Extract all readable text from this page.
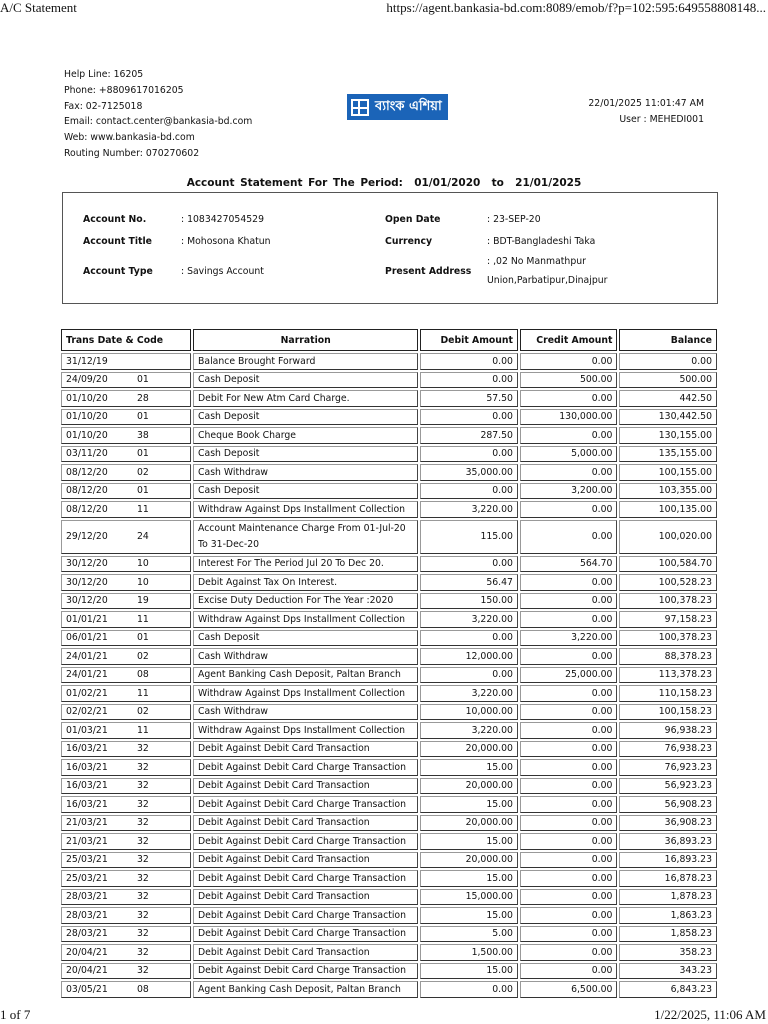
A/C Statement	https://agent.bankasia-bd.com:8089/emob/f?p=102:595:649558808148...
Help Line: 16205
Phone: +8809617016205
Fax: 02-7125018
Email: contact.center@bankasia-bd.com
Web: www.bankasia-bd.com
Routing Number: 070270602
ব্যাংক এশিয়া	22/01/2025 11:01:47 AM
User : MEHEDI001
Account Statement For The Period: 01/01/2020 to 21/01/2025
Account No.	: 1083427054529
Account Title	: Mohosona Khatun
Account Type	: Savings Account
Open Date	: 23-SEP-20
Currency	: BDT-Bangladeshi Taka
Present Address
: ,02 No Manmathpur
Union,Parbatipur,Dinajpur
Trans Date & Code	Narration	Debit Amount	Credit Amount	Balance
31/12/19	Balance Brought Forward	0.00	0.00	0.00
24/09/20 01	Cash Deposit	0.00	500.00	500.00
01/10/20 28	Debit For New Atm Card Charge.	57.50	0.00	442.50
01/10/20 01	Cash Deposit	0.00	130,000.00	130,442.50
01/10/20 38	Cheque Book Charge	287.50	0.00	130,155.00
03/11/20 01	Cash Deposit	0.00	5,000.00	135,155.00
08/12/20 02	Cash Withdraw	35,000.00	0.00	100,155.00
08/12/20 01	Cash Deposit	0.00	3,200.00	103,355.00
08/12/20 11	Withdraw Against Dps Installment Collection	3,220.00	0.00	100,135.00
29/12/20 24	Account Maintenance Charge From 01-Jul-20 To 31-Dec-20	115.00	0.00	100,020.00
30/12/20 10	Interest For The Period Jul 20 To Dec 20.	0.00	564.70	100,584.70
30/12/20 10	Debit Against Tax On Interest.	56.47	0.00	100,528.23
30/12/20 19	Excise Duty Deduction For The Year :2020	150.00	0.00	100,378.23
01/01/21 11	Withdraw Against Dps Installment Collection	3,220.00	0.00	97,158.23
06/01/21 01	Cash Deposit	0.00	3,220.00	100,378.23
24/01/21 02	Cash Withdraw	12,000.00	0.00	88,378.23
24/01/21 08	Agent Banking Cash Deposit, Paltan Branch	0.00	25,000.00	113,378.23
01/02/21 11	Withdraw Against Dps Installment Collection	3,220.00	0.00	110,158.23
02/02/21 02	Cash Withdraw	10,000.00	0.00	100,158.23
01/03/21 11	Withdraw Against Dps Installment Collection	3,220.00	0.00	96,938.23
16/03/21 32	Debit Against Debit Card Transaction	20,000.00	0.00	76,938.23
16/03/21 32	Debit Against Debit Card Charge Transaction	15.00	0.00	76,923.23
16/03/21 32	Debit Against Debit Card Transaction	20,000.00	0.00	56,923.23
16/03/21 32	Debit Against Debit Card Charge Transaction	15.00	0.00	56,908.23
21/03/21 32	Debit Against Debit Card Transaction	20,000.00	0.00	36,908.23
21/03/21 32	Debit Against Debit Card Charge Transaction	15.00	0.00	36,893.23
25/03/21 32	Debit Against Debit Card Transaction	20,000.00	0.00	16,893.23
25/03/21 32	Debit Against Debit Card Charge Transaction	15.00	0.00	16,878.23
28/03/21 32	Debit Against Debit Card Transaction	15,000.00	0.00	1,878.23
28/03/21 32	Debit Against Debit Card Charge Transaction	15.00	0.00	1,863.23
28/03/21 32	Debit Against Debit Card Charge Transaction	5.00	0.00	1,858.23
20/04/21 32	Debit Against Debit Card Transaction	1,500.00	0.00	358.23
20/04/21 32	Debit Against Debit Card Charge Transaction	15.00	0.00	343.23
03/05/21 08	Agent Banking Cash Deposit, Paltan Branch	0.00	6,500.00	6,843.23
1 of 7	1/22/2025, 11:06 AM
